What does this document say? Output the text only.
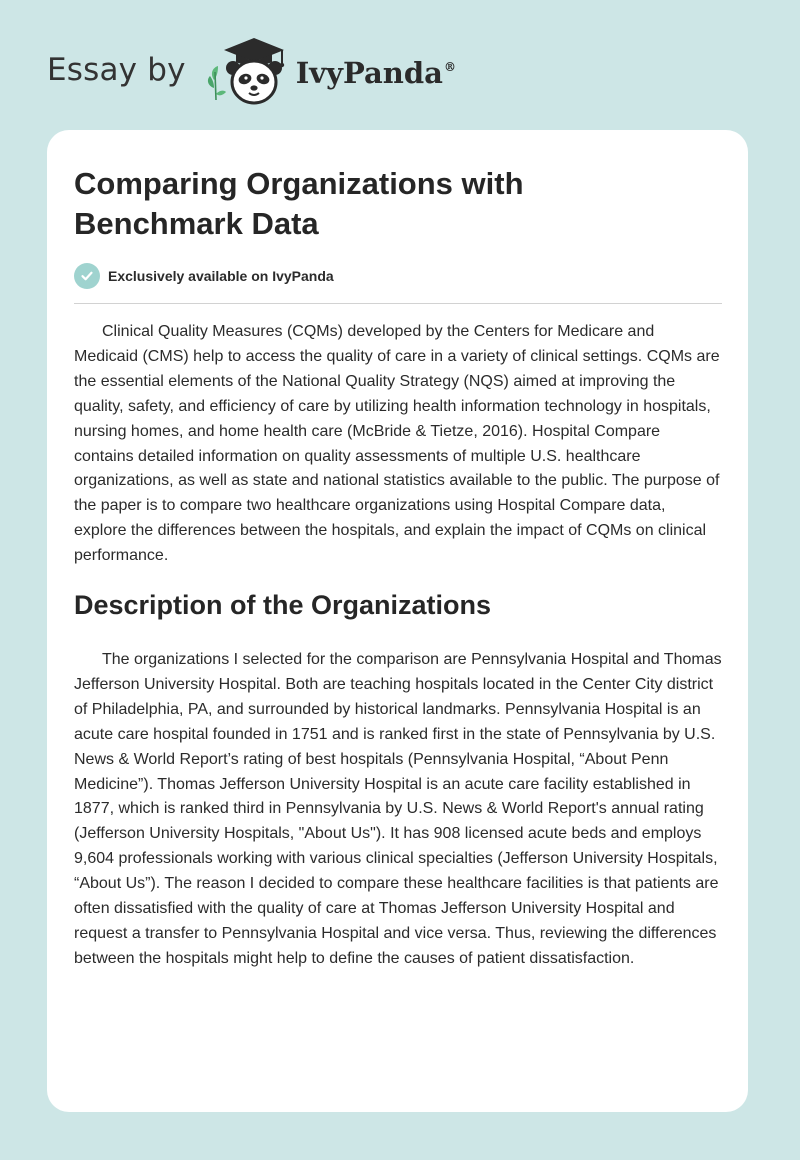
Essay by	IvyPanda®
Comparing Organizations with Benchmark Data
Exclusively available on IvyPanda

Clinical Quality Measures (CQMs) developed by the Centers for Medicare and Medicaid (CMS) help to access the quality of care in a variety of clinical settings. CQMs are the essential elements of the National Quality Strategy (NQS) aimed at improving the quality, safety, and efficiency of care by utilizing health information technology in hospitals, nursing homes, and home health care (McBride & Tietze, 2016). Hospital Compare contains detailed information on quality assessments of multiple U.S. healthcare organizations, as well as state and national statistics available to the public. The purpose of the paper is to compare two healthcare organizations using Hospital Compare data, explore the differences between the hospitals, and explain the impact of CQMs on clinical performance.

Description of the Organizations

The organizations I selected for the comparison are Pennsylvania Hospital and Thomas Jefferson University Hospital. Both are teaching hospitals located in the Center City district of Philadelphia, PA, and surrounded by historical landmarks. Pennsylvania Hospital is an acute care hospital founded in 1751 and is ranked first in the state of Pennsylvania by U.S. News & World Report’s rating of best hospitals (Pennsylvania Hospital, “About Penn Medicine”). Thomas Jefferson University Hospital is an acute care facility established in 1877, which is ranked third in Pennsylvania by U.S. News & World Report's annual rating (Jefferson University Hospitals, "About Us"). It has 908 licensed acute beds and employs 9,604 professionals working with various clinical specialties (Jefferson University Hospitals, “About Us”). The reason I decided to compare these healthcare facilities is that patients are often dissatisfied with the quality of care at Thomas Jefferson University Hospital and request a transfer to Pennsylvania Hospital and vice versa. Thus, reviewing the differences between the hospitals might help to define the causes of patient dissatisfaction.
